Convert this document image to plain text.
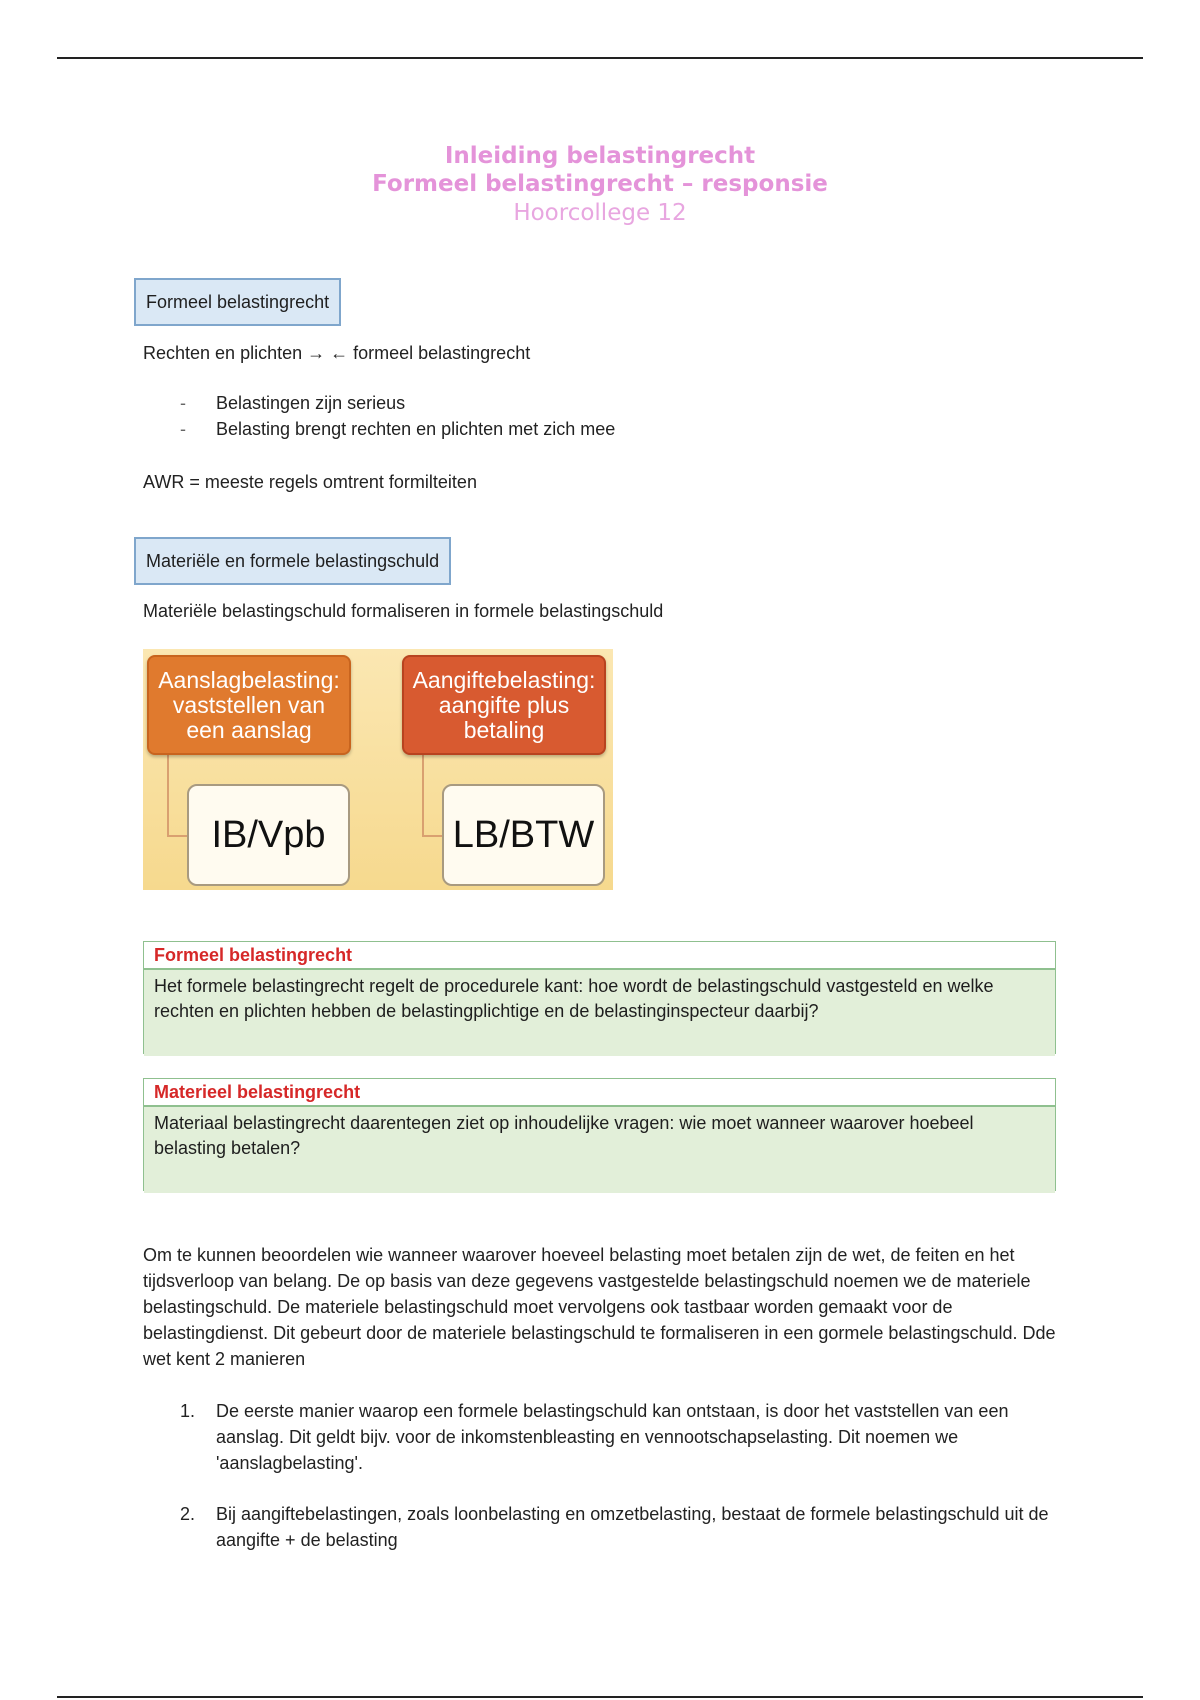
Inleiding belastingrecht
Formeel belastingrecht – responsie
Hoorcollege 12
Formeel belastingrecht
Rechten en plichten → ← formeel belastingrecht
- Belastingen zijn serieus
- Belasting brengt rechten en plichten met zich mee
AWR = meeste regels omtrent formilteiten
Materiële en formele belastingschuld
Materiële belastingschuld formaliseren in formele belastingschuld
Aanslagbelasting: vaststellen van een aanslag
Aangiftebelasting: aangifte plus betaling
IB/Vpb	LB/BTW
Formeel belastingrecht
Het formele belastingrecht regelt de procedurele kant: hoe wordt de belastingschuld vastgesteld en welke rechten en plichten hebben de belastingplichtige en de belastinginspecteur daarbij?
Materieel belastingrecht
Materiaal belastingrecht daarentegen ziet op inhoudelijke vragen: wie moet wanneer waarover hoebeel belasting betalen?
Om te kunnen beoordelen wie wanneer waarover hoeveel belasting moet betalen zijn de wet, de feiten en het tijdsverloop van belang. De op basis van deze gegevens vastgestelde belastingschuld noemen we de materiele belastingschuld. De materiele belastingschuld moet vervolgens ook tastbaar worden gemaakt voor de belastingdienst. Dit gebeurt door de materiele belastingschuld te formaliseren in een gormele belastingschuld. Dde wet kent 2 manieren
1. De eerste manier waarop een formele belastingschuld kan ontstaan, is door het vaststellen van een aanslag. Dit geldt bijv. voor de inkomstenbleasting en vennootschapselasting. Dit noemen we 'aanslagbelasting'.
2. Bij aangiftebelastingen, zoals loonbelasting en omzetbelasting, bestaat de formele belastingschuld uit de aangifte + de belasting
